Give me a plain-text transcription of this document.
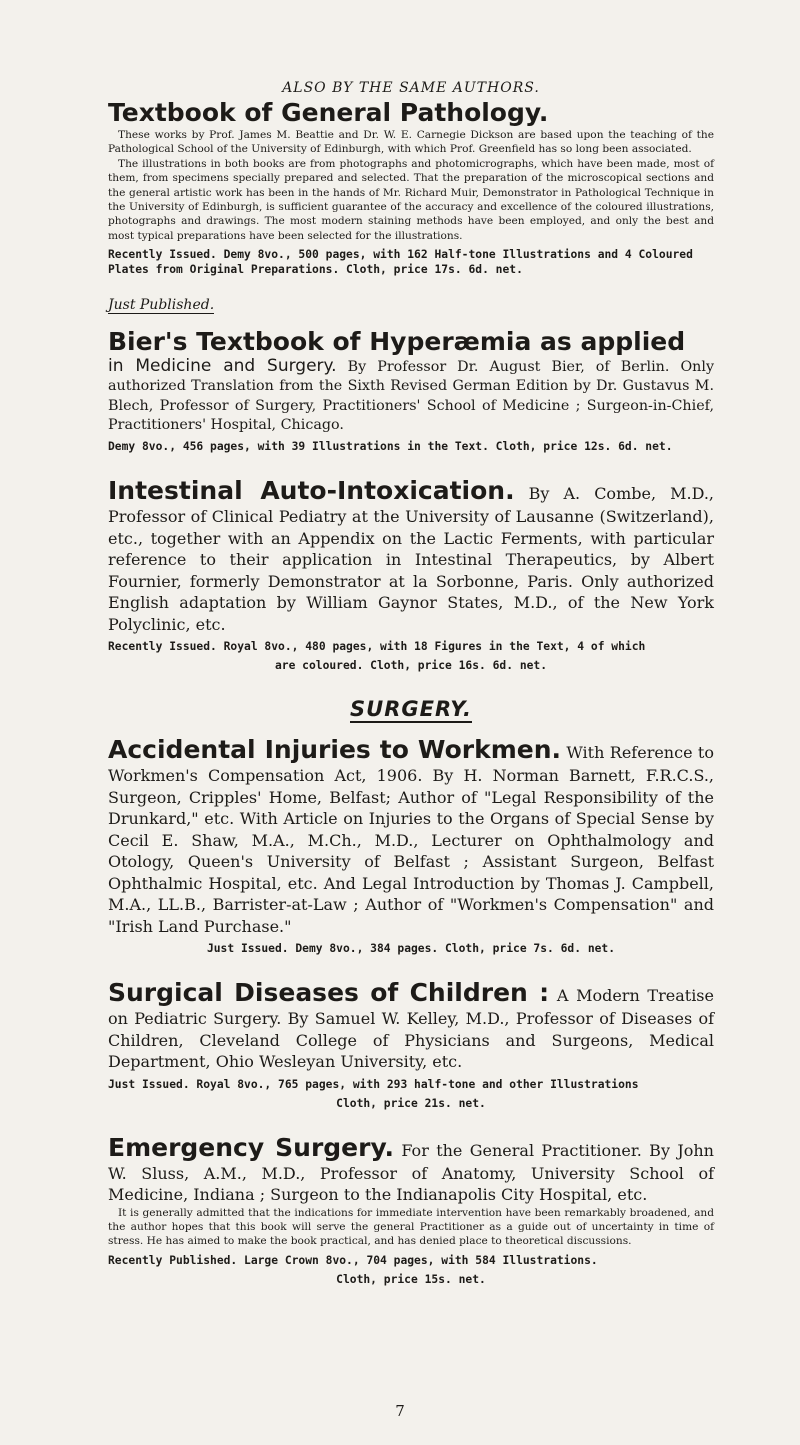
ALSO BY THE SAME AUTHORS.
Textbook of General Pathology.

These works by Prof. James M. Beattie and Dr. W. E. Carnegie Dickson are based upon the teaching of the Pathological School of the University of Edinburgh, with which Prof. Greenfield has so long been associated.

The illustrations in both books are from photographs and photomicrographs, which have been made, most of them, from specimens specially prepared and selected. That the preparation of the microscopical sections and the general artistic work has been in the hands of Mr. Richard Muir, Demonstrator in Pathological Technique in the University of Edinburgh, is sufficient guarantee of the accuracy and excellence of the coloured illustrations, photographs and drawings. The most modern staining methods have been employed, and only the best and most typical preparations have been selected for the illustrations.

Recently Issued. Demy 8vo., 500 pages, with 162 Half-tone Illustrations and 4 Coloured Plates from Original Preparations. Cloth, price 17s. 6d. net.
Just Published.
Bier's Textbook of Hyperæmia as applied
in Medicine and Surgery. By Professor Dr. August Bier, of Berlin. Only authorized Translation from the Sixth Revised German Edition by Dr. Gustavus M. Blech, Professor of Surgery, Practitioners' School of Medicine ; Surgeon-in-Chief, Practitioners' Hospital, Chicago.
Demy 8vo., 456 pages, with 39 Illustrations in the Text. Cloth, price 12s. 6d. net.
Intestinal Auto-Intoxication. By A. Combe, M.D., Professor of Clinical Pediatry at the University of Lausanne (Switzerland), etc., together with an Appendix on the Lactic Ferments, with particular reference to their application in Intestinal Therapeutics, by Albert Fournier, formerly Demonstrator at la Sorbonne, Paris. Only authorized English adaptation by William Gaynor States, M.D., of the New York Polyclinic, etc.
Recently Issued. Royal 8vo., 480 pages, with 18 Figures in the Text, 4 of which
are coloured. Cloth, price 16s. 6d. net.
SURGERY.
Accidental Injuries to Workmen. With Reference to Workmen's Compensation Act, 1906. By H. Norman Barnett, F.R.C.S., Surgeon, Cripples' Home, Belfast; Author of "Legal Responsibility of the Drunkard," etc. With Article on Injuries to the Organs of Special Sense by Cecil E. Shaw, M.A., M.Ch., M.D., Lecturer on Ophthalmology and Otology, Queen's University of Belfast ; Assistant Surgeon, Belfast Ophthalmic Hospital, etc. And Legal Introduction by Thomas J. Campbell, M.A., LL.B., Barrister-at-Law ; Author of "Workmen's Compensation" and "Irish Land Purchase."
Just Issued. Demy 8vo., 384 pages. Cloth, price 7s. 6d. net.
Surgical Diseases of Children : A Modern Treatise on Pediatric Surgery. By Samuel W. Kelley, M.D., Professor of Diseases of Children, Cleveland College of Physicians and Surgeons, Medical Department, Ohio Wesleyan University, etc.
Just Issued. Royal 8vo., 765 pages, with 293 half-tone and other Illustrations
Cloth, price 21s. net.
Emergency Surgery. For the General Practitioner. By John W. Sluss, A.M., M.D., Professor of Anatomy, University School of Medicine, Indiana ; Surgeon to the Indianapolis City Hospital, etc.

It is generally admitted that the indications for immediate intervention have been remarkably broadened, and the author hopes that this book will serve the general Practitioner as a guide out of uncertainty in time of stress. He has aimed to make the book practical, and has denied place to theoretical discussions.

Recently Published. Large Crown 8vo., 704 pages, with 584 Illustrations.
Cloth, price 15s. net.
7
